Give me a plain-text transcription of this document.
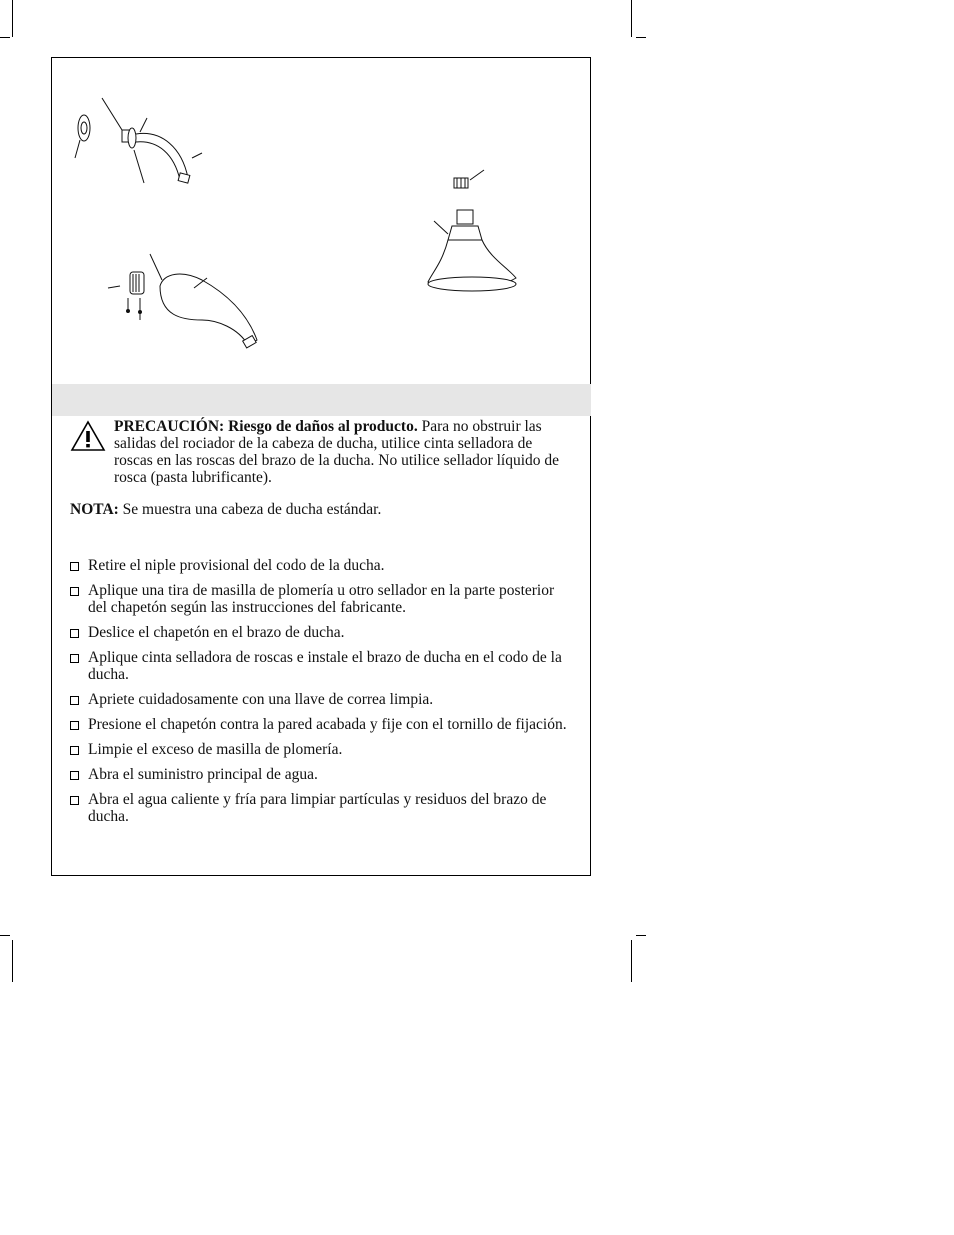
PRECAUCIÓN: Riesgo de daños al producto. Para no obstruir las salidas del rociador de la cabeza de ducha, utilice cinta selladora de roscas en las roscas del brazo de la ducha. No utilice sellador líquido de rosca (pasta lubrificante).
NOTA: Se muestra una cabeza de ducha estándar.
Retire el niple provisional del codo de la ducha.
Aplique una tira de masilla de plomería u otro sellador en la parte posterior del chapetón según las instrucciones del fabricante.
Deslice el chapetón en el brazo de ducha.
Aplique cinta selladora de roscas e instale el brazo de ducha en el codo de la ducha.
Apriete cuidadosamente con una llave de correa limpia.
Presione el chapetón contra la pared acabada y fije con el tornillo de fijación.
Limpie el exceso de masilla de plomería.
Abra el suministro principal de agua.
Abra el agua caliente y fría para limpiar partículas y residuos del brazo de ducha.
